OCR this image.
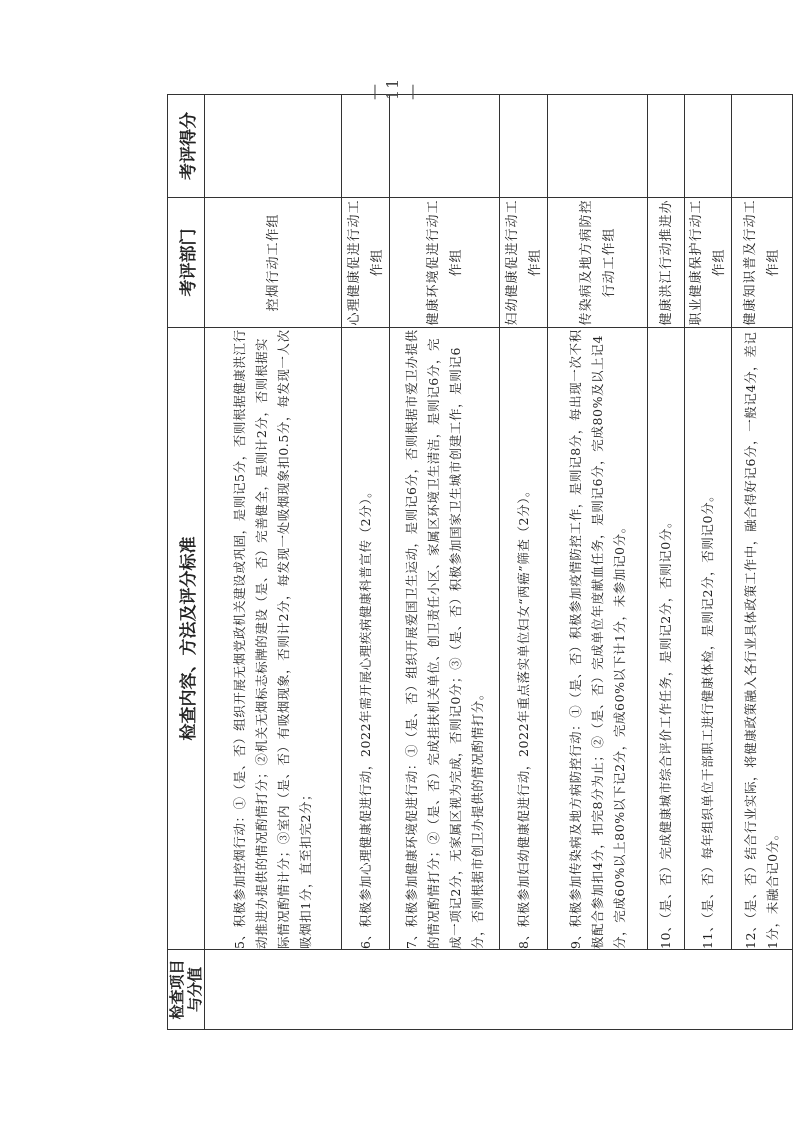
检查项目与分值	检查内容、方法及评分标准	考评部门	考评得分
	5、积极参加控烟行动：①（是、否）组织开展无烟党政机关建设或巩固，是则记5分，否则根据健康洪江行动推进办提供的情况酌情打分；②机关无烟标志标牌的建设（是、否）完善健全，是则计2分，否则根据实际情况酌情计分；③室内（是、否）有吸烟现象，否则计2分，每发现一处吸烟现象扣0.5分，每发现一人次吸烟扣1分，直至扣完2分；	控烟行动工作组	
	6、积极参加心理健康促进行动，2022年需开展心理疾病健康科普宣传（2分）。	心理健康促进行动工作组	
	7、积极参加健康环境促进行动：①（是、否）组织开展爱国卫生运动，是则记6分，否则根据市爱卫办提供的情况酌情打分；②（是、否）完成挂扶机关单位、创卫责任小区、家属区环境卫生清洁，是则记6分，完成一项记2分，无家属区视为完成，否则记0分；③（是、否）积极参加国家卫生城市创建工作，是则记6分，否则根据市创卫办提供的情况酌情打分。	健康环境促进行动工作组	
	8、积极参加妇幼健康促进行动，2022年重点落实单位妇女“两癌”筛查（2分）。	妇幼健康促进行动工作组	
	9、积极参加传染病及地方病防控行动：①（是、否）积极参加疫情防控工作，是则记8分，每出现一次不积极配合参加扣4分，扣完8分为止；②（是、否）完成单位年度献血任务，是则记6分，完成80%及以上记4分，完成60%以上80%以下记2分，完成60%以下计1分，未参加记0分。	传染病及地方病防控行动工作组	
	10、（是、否）完成健康城市综合评价工作任务，是则记2分，否则记0分。	健康洪江行动推进办	
	11、（是、否）每年组织单位干部职工进行健康体检，是则记2分，否则记0分。	职业健康保护行动工作组	
	12、（是、否）结合行业实际，将健康政策融入各行业具体政策工作中，融合得好记6分，一般记4分，差记1分，未融合记0分。	健康知识普及行动工作组	
— 11 —
